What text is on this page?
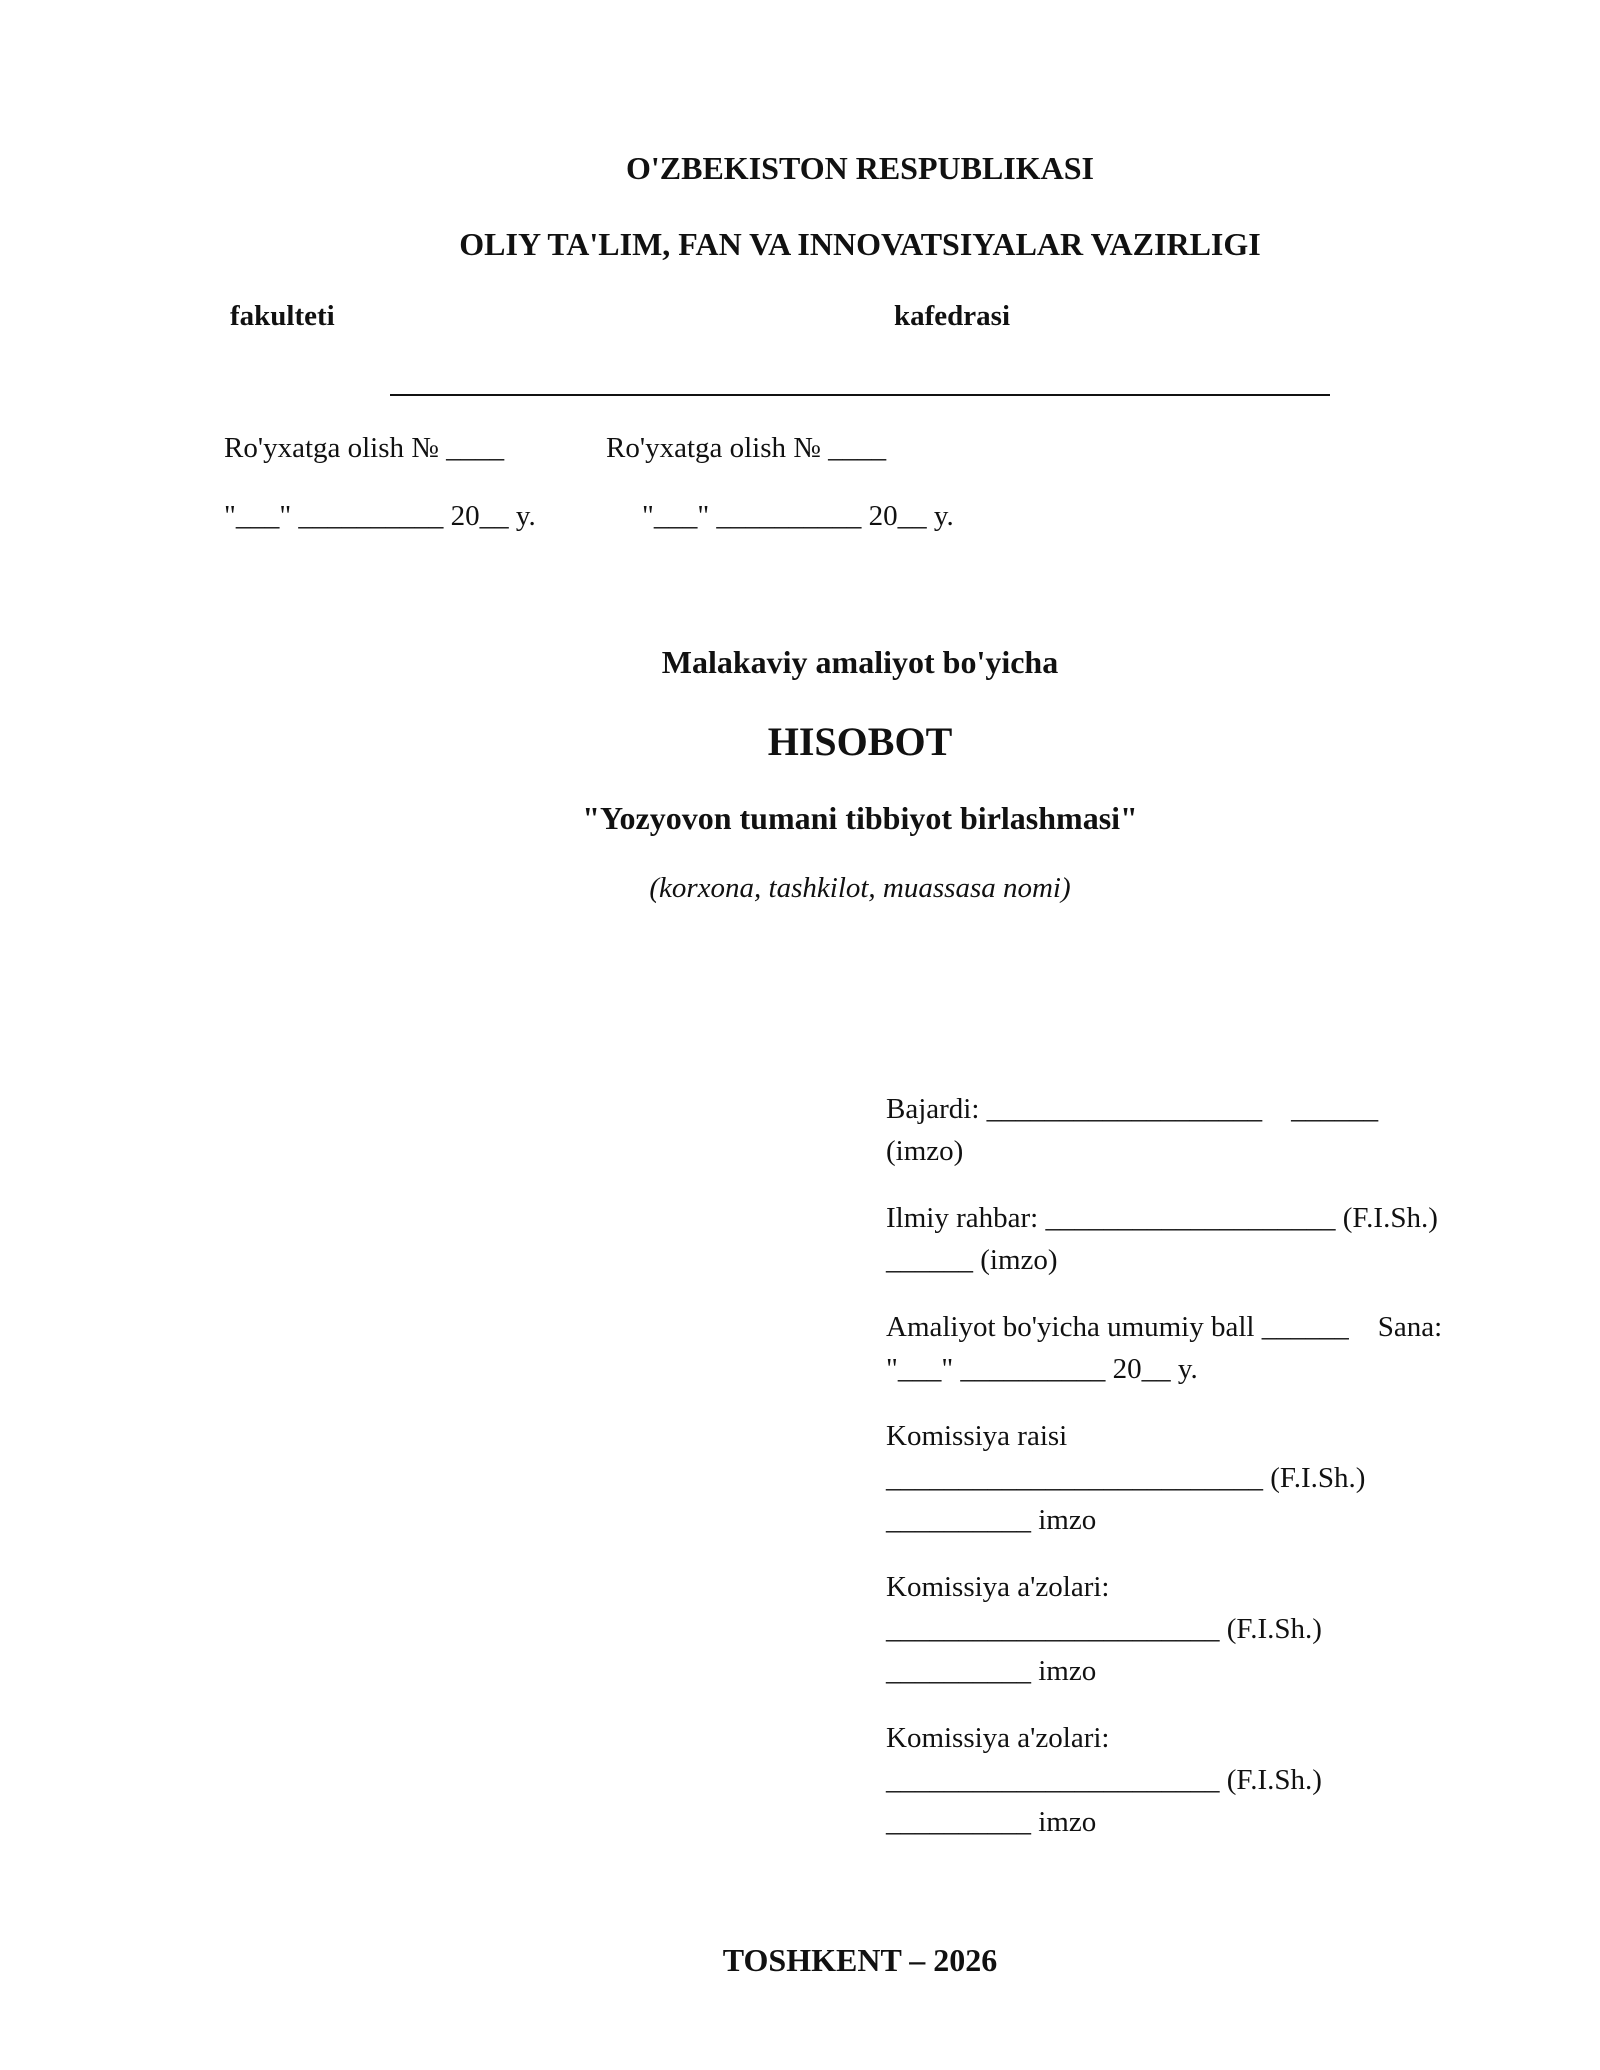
O'ZBEKISTON RESPUBLIKASI
OLIY TA'LIM, FAN VA INNOVATSIYALAR VAZIRLIGI
fakulteti	kafedrasi
Ro'yxatga olish № ____	Ro'yxatga olish № ____
"___" __________ 20__ y.	"___" __________ 20__ y.
Malakaviy amaliyot bo'yicha
HISOBOT
"Yozyovon tumani tibbiyot birlashmasi"
(korxona, tashkilot, muassasa nomi)
Bajardi: ___________________    ______
(imzo)
Ilmiy rahbar: ____________________ (F.I.Sh.)
______ (imzo)
Amaliyot bo'yicha umumiy ball ______    Sana:
"___" __________ 20__ y.
Komissiya raisi
__________________________ (F.I.Sh.)
__________ imzo
Komissiya a'zolari:
_______________________ (F.I.Sh.)
__________ imzo
Komissiya a'zolari:
_______________________ (F.I.Sh.)
__________ imzo
TOSHKENT – 2026
